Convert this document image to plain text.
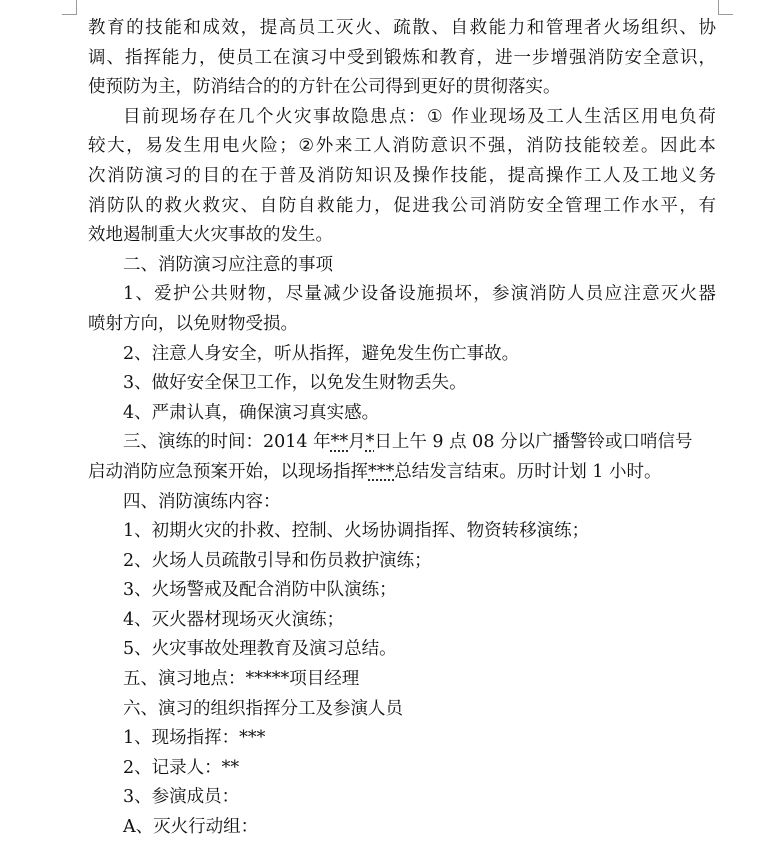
教 育 的 技 能 和 成 效 ， 提 高 员 工 灭 火 、 疏 散 、 自 救 能 力 和 管 理 者 火 场 组 织 、 协
调 、 指 挥 能 力 ， 使 员 工 在 演 习 中 受 到 锻 炼 和 教 育 ， 进 一 步 增 强 消 防 安 全 意 识 ，
使预防为主，防消结合的的方针在公司得到更好的贯彻落实。
目 前 现 场 存 在 几 个 火 灾 事 故 隐 患 点 ： ①
作 业 现 场 及 工 人 生 活 区 用 电 负 荷
较 大 ， 易 发 生 用 电 火 险 ； ② 外 来 工 人 消 防 意 识 不 强 ， 消 防 技 能 较 差 。 因 此 本
次 消 防 演 习 的 目 的 在 于 普 及 消 防 知 识 及 操 作 技 能 ， 提 高 操 作 工 人 及 工 地 义 务
消 防 队 的 救 火 救 灾 、 自 防 自 救 能 力 ， 促 进 我 公 司 消 防 安 全 管 理 工 作 水 平 ， 有
效地遏制重大火灾事故的发生。
二、消防演习应注意的事项
1 、 爱 护 公 共 财 物 ， 尽 量 减 少 设 备 设 施 损 坏 ， 参 演 消 防 人 员 应 注 意 灭 火 器
喷射方向，以免财物受损。
2、注意人身安全，听从指挥，避免发生伤亡事故。
3、做好安全保卫工作，以免发生财物丢失。
4、严肃认真，确保演习真实感。
三、演练的时间：2014 年 ** 月 * 日上午 9 点 08 分以广播警铃或口哨信号
启动消防应急预案开始，以现场指挥 *** 总结发言结束。历时计划 1 小时。
四、消防演练内容：
1、初期火灾的扑救、控制、火场协调指挥、物资转移演练；
2、火场人员疏散引导和伤员救护演练；
3、火场警戒及配合消防中队演练；
4、灭火器材现场灭火演练；
5、火灾事故处理教育及演习总结。
五、演习地点：*****项目经理
六、演习的组织指挥分工及参演人员
1、现场指挥：***
2、记录人：**
3、参演成员：
A、灭火行动组：
